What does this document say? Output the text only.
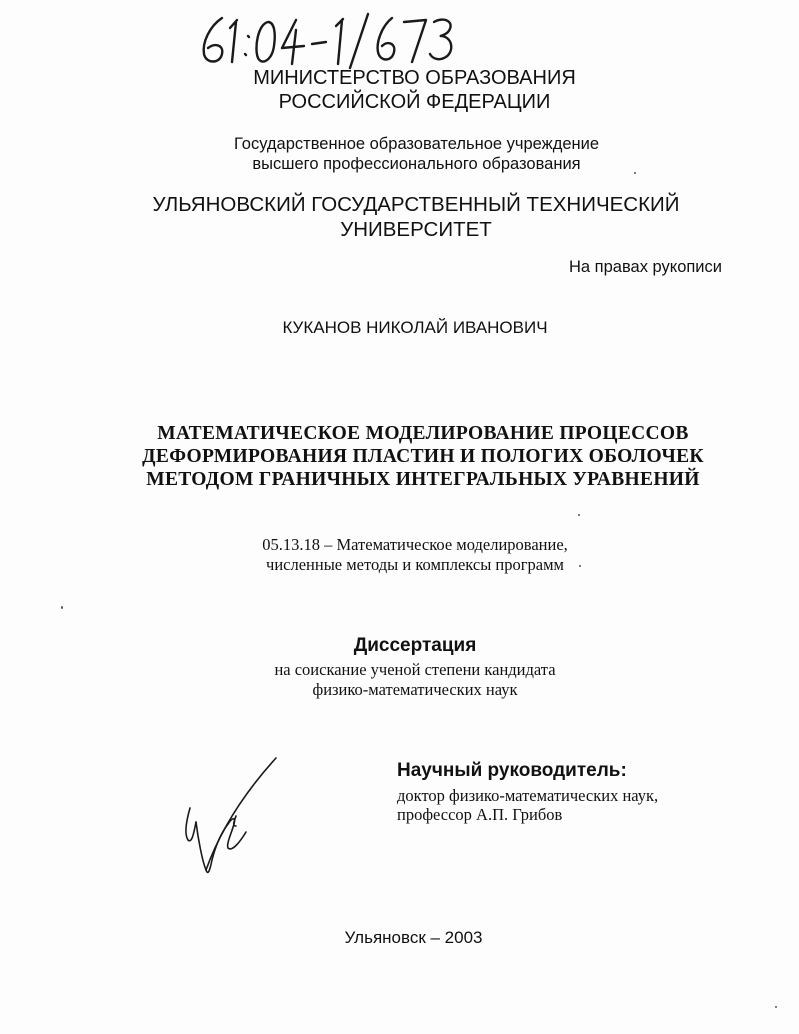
МИНИСТЕРСТВО ОБРАЗОВАНИЯ
РОССИЙСКОЙ ФЕДЕРАЦИИ
Государственное образовательное учреждение
высшего профессионального образования
УЛЬЯНОВСКИЙ ГОСУДАРСТВЕННЫЙ ТЕХНИЧЕСКИЙ
УНИВЕРСИТЕТ
На правах рукописи
КУКАНОВ НИКОЛАЙ ИВАНОВИЧ
МАТЕМАТИЧЕСКОЕ МОДЕЛИРОВАНИЕ ПРОЦЕССОВ
ДЕФОРМИРОВАНИЯ ПЛАСТИН И ПОЛОГИХ ОБОЛОЧЕК
МЕТОДОМ ГРАНИЧНЫХ ИНТЕГРАЛЬНЫХ УРАВНЕНИЙ
05.13.18 – Математическое моделирование,
численные методы и комплексы программ
Диссертация
на соискание ученой степени кандидата
физико-математических наук
Научный руководитель:
доктор физико-математических наук,
профессор А.П. Грибов
Ульяновск – 2003
